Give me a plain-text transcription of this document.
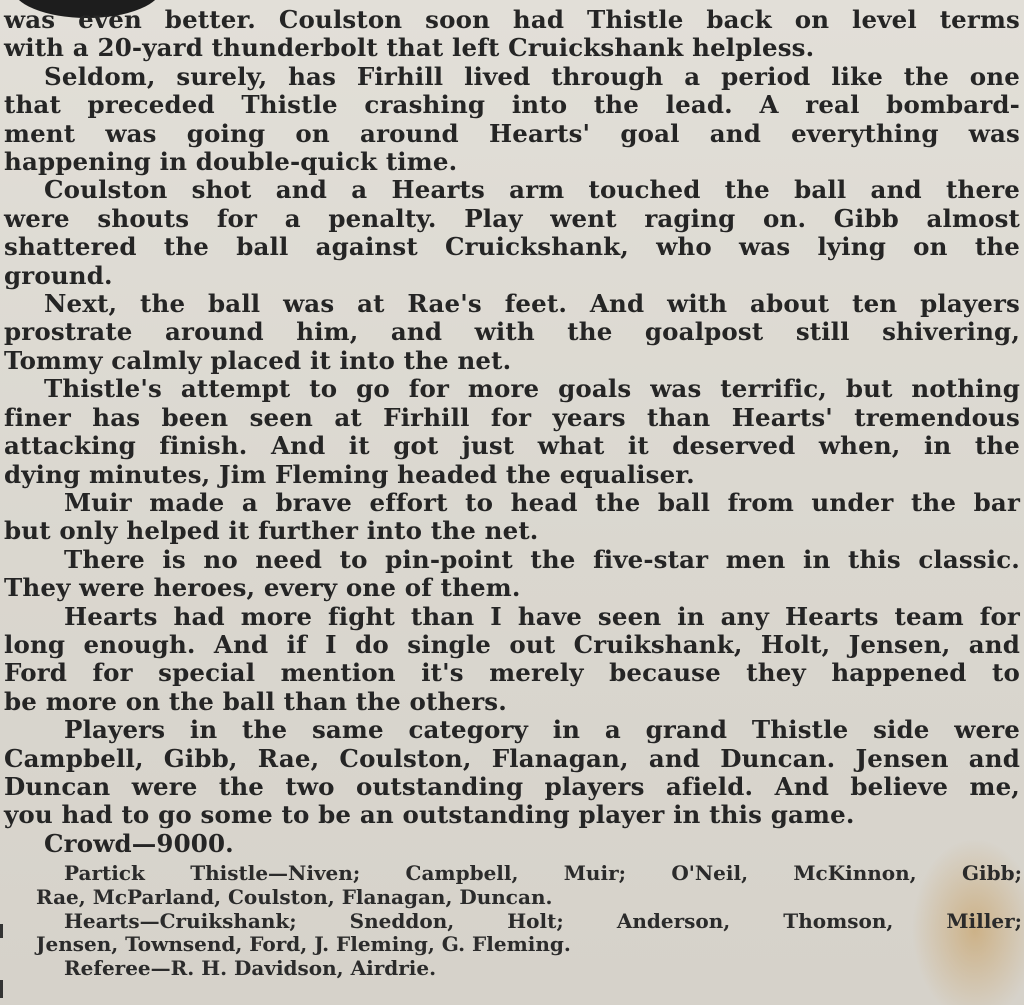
was even better. Coulston soon had Thistle back on level terms
with a 20-yard thunderbolt that left Cruickshank helpless.
Seldom, surely, has Firhill lived through a period like the one
that preceded Thistle crashing into the lead. A real bombard-
ment was going on around Hearts' goal and everything was
happening in double-quick time.
Coulston shot and a Hearts arm touched the ball and there
were shouts for a penalty. Play went raging on. Gibb almost
shattered the ball against Cruickshank, who was lying on the
ground.
Next, the ball was at Rae's feet. And with about ten players
prostrate around him, and with the goalpost still shivering,
Tommy calmly placed it into the net.
Thistle's attempt to go for more goals was terrific, but nothing
finer has been seen at Firhill for years than Hearts' tremendous
attacking finish. And it got just what it deserved when, in the
dying minutes, Jim Fleming headed the equaliser.
Muir made a brave effort to head the ball from under the bar
but only helped it further into the net.
There is no need to pin-point the five-star men in this classic.
They were heroes, every one of them.
Hearts had more fight than I have seen in any Hearts team for
long enough. And if I do single out Cruikshank, Holt, Jensen, and
Ford for special mention it's merely because they happened to
be more on the ball than the others.
Players in the same category in a grand Thistle side were
Campbell, Gibb, Rae, Coulston, Flanagan, and Duncan. Jensen and
Duncan were the two outstanding players afield. And believe me,
you had to go some to be an outstanding player in this game.
Crowd—9000.
Partick Thistle—Niven; Campbell, Muir; O'Neil, McKinnon, Gibb;
Rae, McParland, Coulston, Flanagan, Duncan.
Hearts—Cruikshank; Sneddon, Holt; Anderson, Thomson, Miller;
Jensen, Townsend, Ford, J. Fleming, G. Fleming.
Referee—R. H. Davidson, Airdrie.
